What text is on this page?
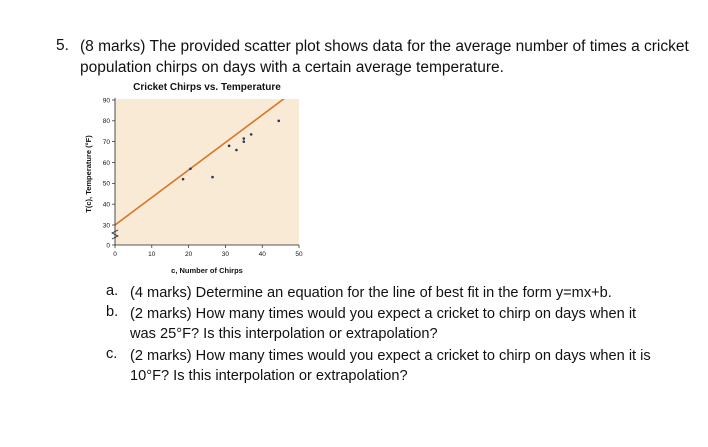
5. (8 marks) The provided scatter plot shows data for the average number of times a cricket
population chirps on days with a certain average temperature.
Cricket Chirps vs. Temperature
0
30
40
50
60
70
80
90
0	10	20	30	40	50
c, Number of Chirps
T(c), Temperature (°F)
a. (4 marks) Determine an equation for the line of best fit in the form y=mx+b.
b. (2 marks) How many times would you expect a cricket to chirp on days when it
was 25°F? Is this interpolation or extrapolation?
c. (2 marks) How many times would you expect a cricket to chirp on days when it is
10°F? Is this interpolation or extrapolation?
